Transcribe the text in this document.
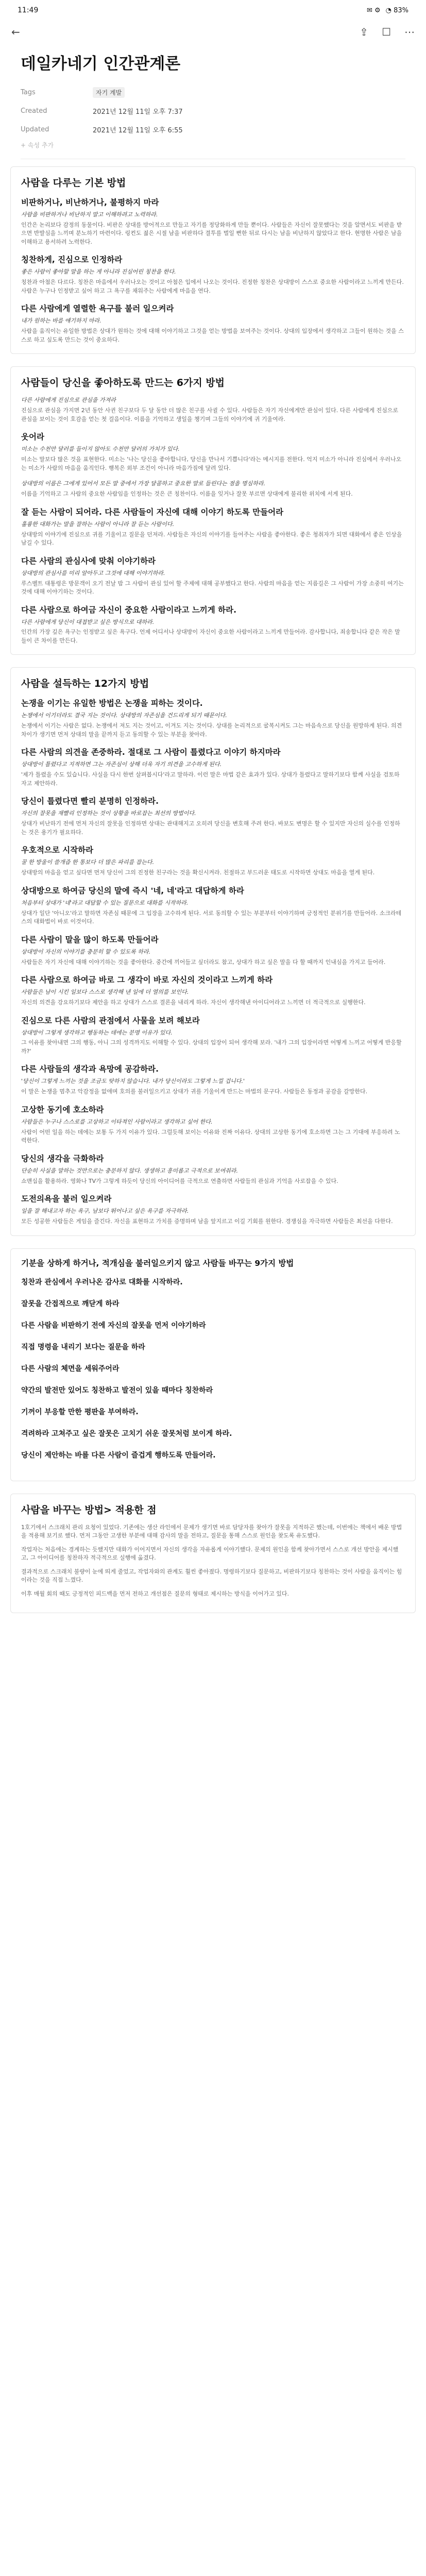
11:49	✉ ⚙ ◔ 83%
←	⇪ ☐ ⋯
데일카네기 인간관계론
Tags	자기 계발
Created	2021년 12월 11일 오후 7:37
Updated	2021년 12월 11일 오후 6:55
+ 속성 추가
사람을 다루는 기본 방법
비판하거나, 비난하거나, 불평하지 마라
사람을 비판하거나 비난하지 말고 이해하려고 노력하라.
인간은 논리보다 감정의 동물이다. 비판은 상대를 방어적으로 만들고 자기를 정당화하게 만들 뿐이다. 사람들은 자신이 잘못했다는 것을 알면서도 비판을 받으면 반발심을 느끼며 분노하기 마련이다. 링컨도 젊은 시절 남을 비판하다 결투를 벌일 뻔한 뒤로 다시는 남을 비난하지 않았다고 한다. 현명한 사람은 남을 이해하고 용서하려 노력한다.
칭찬하게, 진심으로 인정하라
좋은 사람이 좋아할 말을 하는 게 아니라 진심어린 칭찬을 한다.
칭찬과 아첨은 다르다. 칭찬은 마음에서 우러나오는 것이고 아첨은 입에서 나오는 것이다. 진정한 칭찬은 상대방이 스스로 중요한 사람이라고 느끼게 만든다. 사람은 누구나 인정받고 싶어 하고 그 욕구를 채워주는 사람에게 마음을 연다.
다른 사람에게 열렬한 욕구를 불러 일으켜라
내가 원하는 바를 얘기하지 마라.
사람을 움직이는 유일한 방법은 상대가 원하는 것에 대해 이야기하고 그것을 얻는 방법을 보여주는 것이다. 상대의 입장에서 생각하고 그들이 원하는 것을 스스로 하고 싶도록 만드는 것이 중요하다.
사람들이 당신을 좋아하도록 만드는 6가지 방법
다른 사람에게 진심으로 관심을 가져라
진심으로 관심을 가지면 2년 동안 사귄 친구보다 두 달 동안 더 많은 친구를 사귈 수 있다. 사람들은 자기 자신에게만 관심이 있다. 다른 사람에게 진심으로 관심을 보이는 것이 호감을 얻는 첫 걸음이다. 이름을 기억하고 생일을 챙기며 그들의 이야기에 귀 기울여라.
웃어라
미소는 수천만 달러를 들이지 않아도 수천만 달러의 가치가 있다.
미소는 말보다 많은 것을 표현한다. 미소는 '나는 당신을 좋아합니다, 당신을 만나서 기쁩니다'라는 메시지를 전한다. 억지 미소가 아니라 진심에서 우러나오는 미소가 사람의 마음을 움직인다. 행복은 외부 조건이 아니라 마음가짐에 달려 있다.
상대방의 이름은 그에게 있어서 모든 말 중에서 가장 달콤하고 중요한 말로 들린다는 점을 명심하라.
이름을 기억하고 그 사람의 중요한 사람임을 인정하는 것은 큰 칭찬이다. 이름을 잊거나 잘못 부르면 상대에게 불리한 위치에 서게 된다.
잘 듣는 사람이 되어라. 다른 사람들이 자신에 대해 이야기 하도록 만들어라
훌륭한 대화가는 말을 잘하는 사람이 아니라 잘 듣는 사람이다.
상대방의 이야기에 진심으로 귀를 기울이고 질문을 던져라. 사람들은 자신의 이야기를 들어주는 사람을 좋아한다. 좋은 청취자가 되면 대화에서 좋은 인상을 남길 수 있다.
다른 사람의 관심사에 맞춰 이야기하라
상대방의 관심사를 미리 알아두고 그것에 대해 이야기하라.
루스벨트 대통령은 방문객이 오기 전날 밤 그 사람이 관심 있어 할 주제에 대해 공부했다고 한다. 사람의 마음을 얻는 지름길은 그 사람이 가장 소중히 여기는 것에 대해 이야기하는 것이다.
다른 사람으로 하여금 자신이 중요한 사람이라고 느끼게 하라.
다른 사람에게 당신이 대접받고 싶은 방식으로 대하라.
인간의 가장 깊은 욕구는 인정받고 싶은 욕구다. 언제 어디서나 상대방이 자신이 중요한 사람이라고 느끼게 만들어라. 감사합니다, 죄송합니다 같은 작은 말들이 큰 차이를 만든다.
사람을 설득하는 12가지 방법
논쟁을 이기는 유일한 방법은 논쟁을 피하는 것이다.
논쟁에서 이기더라도 결국 지는 것이다. 상대방의 자존심을 건드리게 되기 때문이다.
논쟁에서 이기는 사람은 없다. 논쟁에서 져도 지는 것이고, 이겨도 지는 것이다. 상대를 논리적으로 굴복시켜도 그는 마음속으로 당신을 원망하게 된다. 의견 차이가 생기면 먼저 상대의 말을 끝까지 듣고 동의할 수 있는 부분을 찾아라.
다른 사람의 의견을 존중하라. 절대로 그 사람이 틀렸다고 이야기 하지마라
상대방이 틀렸다고 지적하면 그는 자존심이 상해 더욱 자기 의견을 고수하게 된다.
'제가 틀렸을 수도 있습니다. 사실을 다시 한번 살펴봅시다'라고 말하라. 이런 말은 마법 같은 효과가 있다. 상대가 틀렸다고 말하기보다 함께 사실을 검토하자고 제안하라.
당신이 틀렸다면 빨리 분명히 인정하라.
자신의 잘못을 재빨리 인정하는 것이 상황을 바로잡는 최선의 방법이다.
상대가 비난하기 전에 먼저 자신의 잘못을 인정하면 상대는 관대해지고 오히려 당신을 변호해 주려 한다. 바보도 변명은 할 수 있지만 자신의 실수를 인정하는 것은 용기가 필요하다.
우호적으로 시작하라
꿀 한 방울이 쓸개즙 한 통보다 더 많은 파리를 잡는다.
상대방의 마음을 얻고 싶다면 먼저 당신이 그의 진정한 친구라는 것을 확신시켜라. 친절하고 부드러운 태도로 시작하면 상대도 마음을 열게 된다.
상대방으로 하여금 당신의 말에 즉시 '네, 네'라고 대답하게 하라
처음부터 상대가 '네'라고 대답할 수 있는 질문으로 대화를 시작하라.
상대가 일단 '아니오'라고 말하면 자존심 때문에 그 입장을 고수하게 된다. 서로 동의할 수 있는 부분부터 이야기하며 긍정적인 분위기를 만들어라. 소크라테스의 대화법이 바로 이것이다.
다른 사람이 말을 많이 하도록 만들어라
상대방이 자신의 이야기를 충분히 할 수 있도록 하라.
사람들은 자기 자신에 대해 이야기하는 것을 좋아한다. 중간에 끼어들고 싶더라도 참고, 상대가 하고 싶은 말을 다 할 때까지 인내심을 가지고 들어라.
다른 사람으로 하여금 바로 그 생각이 바로 자신의 것이라고 느끼게 하라
사람들은 남이 시킨 일보다 스스로 생각해 낸 일에 더 열의를 보인다.
자신의 의견을 강요하기보다 제안을 하고 상대가 스스로 결론을 내리게 하라. 자신이 생각해낸 아이디어라고 느끼면 더 적극적으로 실행한다.
진심으로 다른 사람의 관점에서 사물을 보려 해보라
상대방이 그렇게 생각하고 행동하는 데에는 분명 이유가 있다.
그 이유를 찾아내면 그의 행동, 아니 그의 성격까지도 이해할 수 있다. 상대의 입장이 되어 생각해 보라. '내가 그의 입장이라면 어떻게 느끼고 어떻게 반응할까?'
다른 사람들의 생각과 욕망에 공감하라.
'당신이 그렇게 느끼는 것을 조금도 탓하지 않습니다. 내가 당신이라도 그렇게 느낄 겁니다.'
이 말은 논쟁을 멈추고 악감정을 없애며 호의를 불러일으키고 상대가 귀를 기울이게 만드는 마법의 문구다. 사람들은 동정과 공감을 갈망한다.
고상한 동기에 호소하라
사람들은 누구나 스스로를 고상하고 이타적인 사람이라고 생각하고 싶어 한다.
사람이 어떤 일을 하는 데에는 보통 두 가지 이유가 있다. 그럴듯해 보이는 이유와 진짜 이유다. 상대의 고상한 동기에 호소하면 그는 그 기대에 부응하려 노력한다.
당신의 생각을 극화하라
단순히 사실을 말하는 것만으로는 충분하지 않다. 생생하고 흥미롭고 극적으로 보여줘라.
쇼맨십을 활용하라. 영화나 TV가 그렇게 하듯이 당신의 아이디어를 극적으로 연출하면 사람들의 관심과 기억을 사로잡을 수 있다.
도전의욕을 불러 일으켜라
일을 잘 해내고자 하는 욕구, 남보다 뛰어나고 싶은 욕구를 자극하라.
모든 성공한 사람들은 게임을 즐긴다. 자신을 표현하고 가치를 증명하며 남을 앞지르고 이길 기회를 원한다. 경쟁심을 자극하면 사람들은 최선을 다한다.
기분을 상하게 하거나, 적개심을 불러일으키지 않고 사람들 바꾸는 9가지 방법
칭찬과 관심에서 우러나온 감사로 대화를 시작하라.
잘못을 간접적으로 깨닫게 하라
다른 사람을 비판하기 전에 자신의 잘못을 먼저 이야기하라
직접 명령을 내리기 보다는 질문을 하라
다른 사람의 체면을 세워주어라
약간의 발전만 있어도 칭찬하고 발전이 있을 때마다 칭찬하라
기꺼이 부응할 만한 평판을 부여하라.
격려하라 고쳐주고 싶은 잘못은 고치기 쉬운 잘못처럼 보이게 하라.
당신이 제안하는 바를 다른 사람이 즐겁게 행하도록 만들어라.
사람을 바꾸는 방법> 적용한 점
1호기에서 스크래치 관리 요청이 있었다. 기존에는 생산 라인에서 문제가 생기면 바로 담당자를 찾아가 잘못을 지적하곤 했는데, 이번에는 책에서 배운 방법을 적용해 보기로 했다. 먼저 그동안 고생한 부분에 대해 감사의 말을 전하고, 질문을 통해 스스로 원인을 찾도록 유도했다.
작업자는 처음에는 경계하는 듯했지만 대화가 이어지면서 자신의 생각을 자유롭게 이야기했다. 문제의 원인을 함께 찾아가면서 스스로 개선 방안을 제시했고, 그 아이디어를 칭찬하자 적극적으로 실행에 옮겼다.
결과적으로 스크래치 불량이 눈에 띄게 줄었고, 작업자와의 관계도 훨씬 좋아졌다. 명령하기보다 질문하고, 비판하기보다 칭찬하는 것이 사람을 움직이는 힘이라는 것을 직접 느꼈다.
이후 매월 회의 때도 긍정적인 피드백을 먼저 전하고 개선점은 질문의 형태로 제시하는 방식을 이어가고 있다.
